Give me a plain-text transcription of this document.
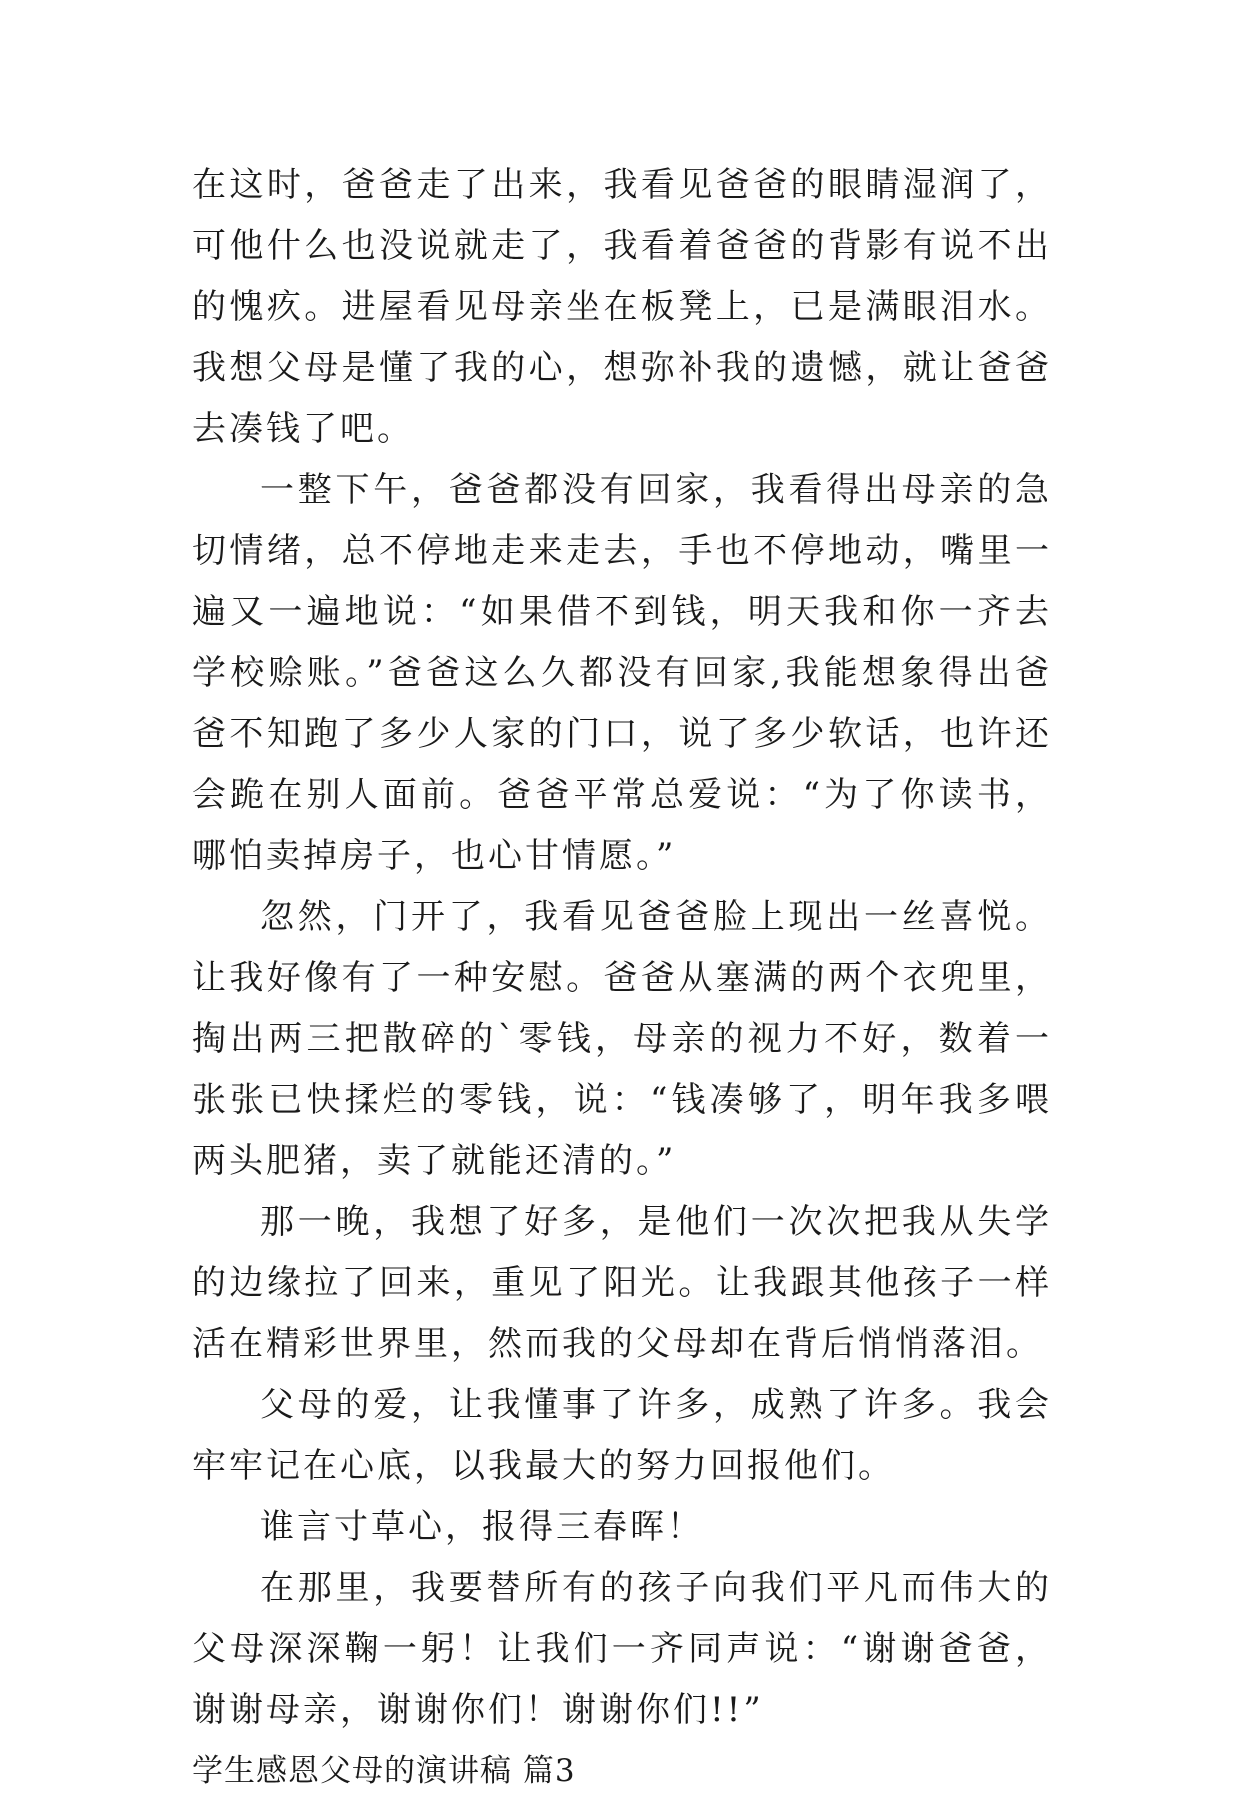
在这时，爸爸走了出来，我看见爸爸的眼睛湿润了，可他什么也没说就走了，我看着爸爸的背影有说不出的愧疚。进屋看见母亲坐在板凳上，已是满眼泪水。我想父母是懂了我的心，想弥补我的遗憾，就让爸爸去凑钱了吧。

一整下午，爸爸都没有回家，我看得出母亲的急切情绪，总不停地走来走去，手也不停地动，嘴里一遍又一遍地说：“如果借不到钱，明天我和你一齐去学校赊账。”爸爸这么久都没有回家,我能想象得出爸爸不知跑了多少人家的门口，说了多少软话，也许还会跪在别人面前。爸爸平常总爱说：“为了你读书，哪怕卖掉房子，也心甘情愿。”

忽然，门开了，我看见爸爸脸上现出一丝喜悦。让我好像有了一种安慰。爸爸从塞满的两个衣兜里，掏出两三把散碎的`零钱，母亲的视力不好，数着一张张已快揉烂的零钱，说：“钱凑够了，明年我多喂两头肥猪，卖了就能还清的。”

那一晚，我想了好多，是他们一次次把我从失学的边缘拉了回来，重见了阳光。让我跟其他孩子一样活在精彩世界里，然而我的父母却在背后悄悄落泪。

父母的爱，让我懂事了许多，成熟了许多。我会牢牢记在心底，以我最大的努力回报他们。

谁言寸草心，报得三春晖！

在那里，我要替所有的孩子向我们平凡而伟大的父母深深鞠一躬！让我们一齐同声说：“谢谢爸爸，谢谢母亲，谢谢你们！谢谢你们!!”

学生感恩父母的演讲稿 篇3
